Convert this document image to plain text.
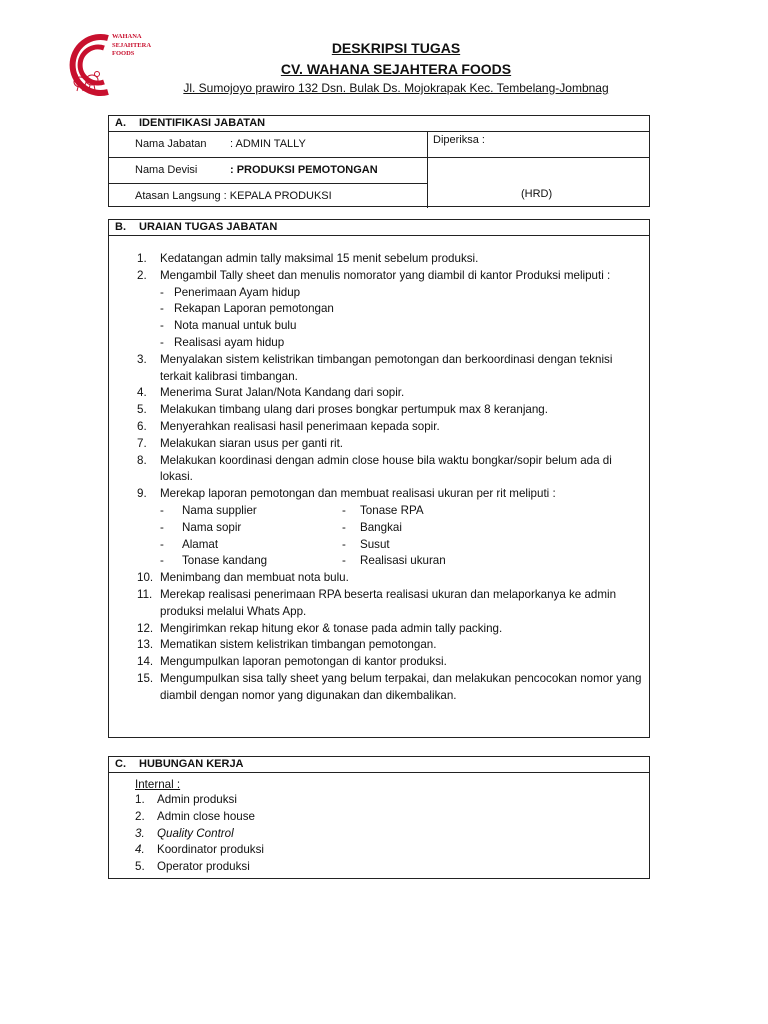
WAHANA
SEJAHTERA
FOODS	DESKRIPSI TUGAS
CV. WAHANA SEJAHTERA FOODS
Jl. Sumojoyo prawiro 132 Dsn. Bulak Ds. Mojokrapak Kec. Tembelang-Jombnag
A. IDENTIFIKASI JABATAN
Nama Jabatan : ADMIN TALLY
Nama Devisi	: PRODUKSI PEMOTONGAN
Atasan Langsung : KEPALA PRODUKSI
Diperiksa :
(HRD)
B. URAIAN TUGAS JABATAN
1.	Kedatangan admin tally maksimal 15 menit sebelum produksi.
2.	Mengambil Tally sheet dan menulis nomorator yang diambil di kantor Produksi meliputi :
- Penerimaan Ayam hidup
- Rekapan Laporan pemotongan
- Nota manual untuk bulu
- Realisasi ayam hidup
3.	Menyalakan sistem kelistrikan timbangan pemotongan dan berkoordinasi dengan teknisi terkait kalibrasi timbangan.
4.	Menerima Surat Jalan/Nota Kandang dari sopir.
5.	Melakukan timbang ulang dari proses bongkar pertumpuk max 8 keranjang.
6.	Menyerahkan realisasi hasil penerimaan kepada sopir.
7.	Melakukan siaran usus per ganti rit.
8.	Melakukan koordinasi dengan admin close house bila waktu bongkar/sopir belum ada di lokasi.
9.	Merekap laporan pemotongan dan membuat realisasi ukuran per rit meliputi :
- Nama supplier	- Tonase RPA
- Nama sopir	- Bangkai
- Alamat	- Susut
- Tonase kandang	- Realisasi ukuran
10. Menimbang dan membuat nota bulu.
11. Merekap realisasi penerimaan RPA beserta realisasi ukuran dan melaporkanya ke admin produksi melalui Whats App.
12. Mengirimkan rekap hitung ekor & tonase pada admin tally packing.
13. Mematikan sistem kelistrikan timbangan pemotongan.
14. Mengumpulkan laporan pemotongan di kantor produksi.
15. Mengumpulkan sisa tally sheet yang belum terpakai, dan melakukan pencocokan nomor yang diambil dengan nomor yang digunakan dan dikembalikan.
C. HUBUNGAN KERJA
Internal :
1. Admin produksi
2. Admin close house
3. Quality Control
4. Koordinator produksi
5. Operator produksi
